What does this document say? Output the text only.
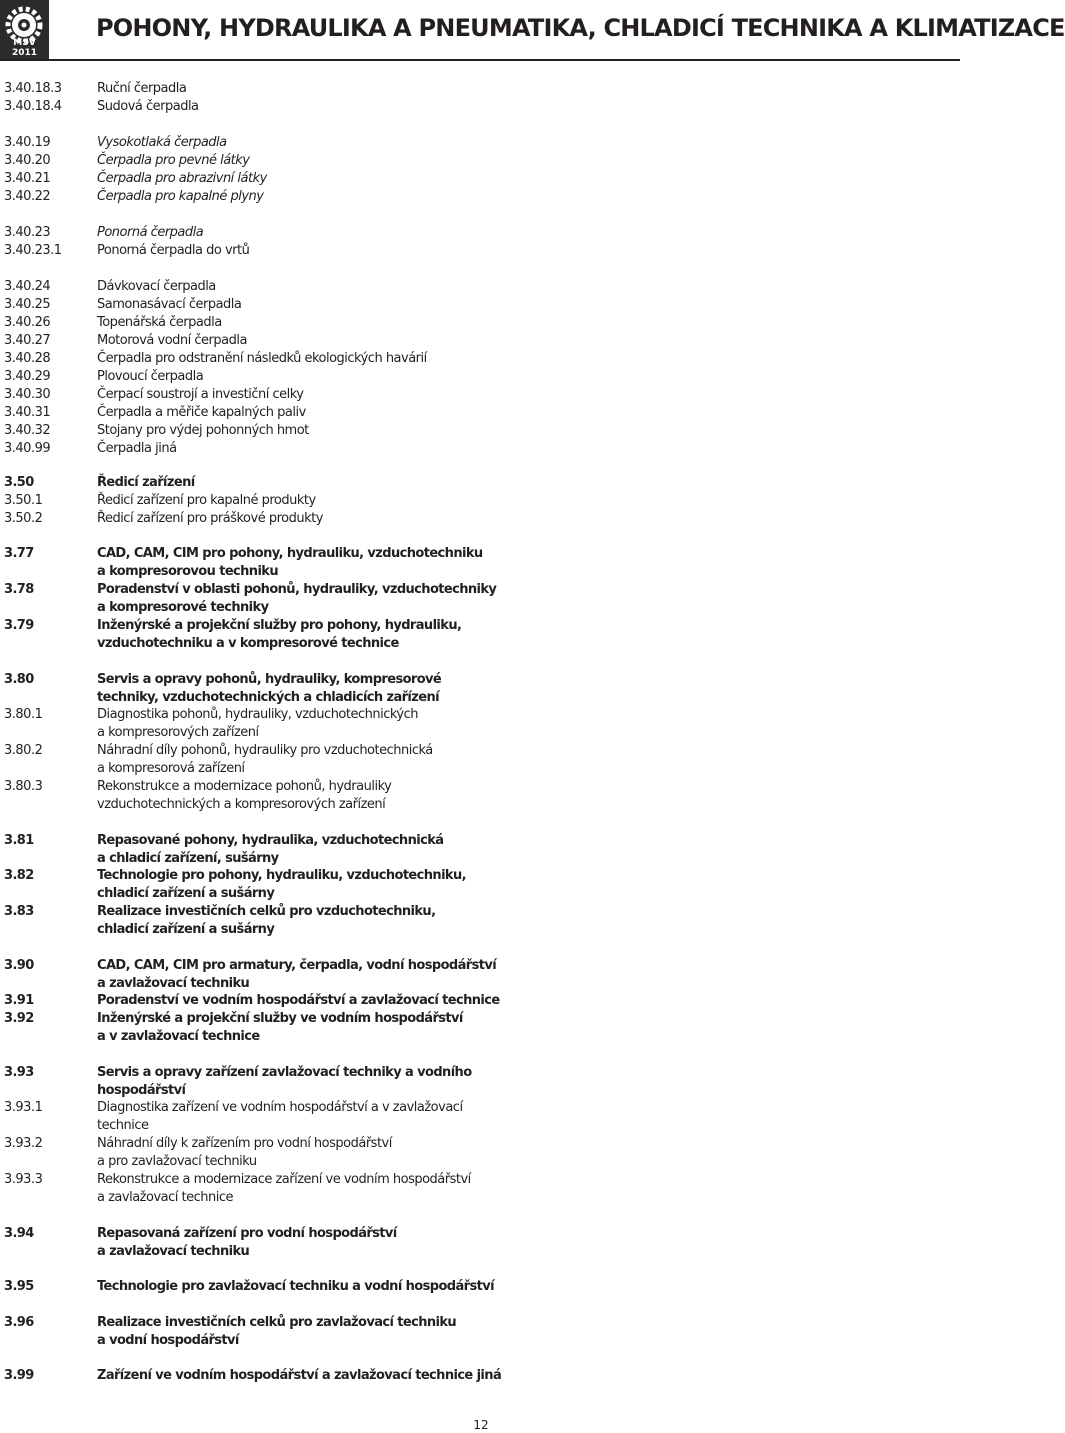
MSV 2011
POHONY, HYDRAULIKA A PNEUMATIKA, CHLADICÍ TECHNIKA A KLIMATIZACE
3.40.18.3	Ruční čerpadla
3.40.18.4	Sudová čerpadla
3.40.19	Vysokotlaká čerpadla
3.40.20	Čerpadla pro pevné látky
3.40.21	Čerpadla pro abrazivní látky
3.40.22	Čerpadla pro kapalné plyny
3.40.23	Ponorná čerpadla
3.40.23.1	Ponorná čerpadla do vrtů
3.40.24	Dávkovací čerpadla
3.40.25	Samonasávací čerpadla
3.40.26	Topenářská čerpadla
3.40.27	Motorová vodní čerpadla
3.40.28	Čerpadla pro odstranění následků ekologických havárií
3.40.29	Plovoucí čerpadla
3.40.30	Čerpací soustrojí a investiční celky
3.40.31	Čerpadla a měřiče kapalných paliv
3.40.32	Stojany pro výdej pohonných hmot
3.40.99	Čerpadla jiná
3.50	Ředicí zařízení
3.50.1	Ředicí zařízení pro kapalné produkty
3.50.2	Ředicí zařízení pro práškové produkty
3.77	CAD, CAM, CIM pro pohony, hydrauliku, vzduchotechniku
a kompresorovou techniku
3.78	Poradenství v oblasti pohonů, hydrauliky, vzduchotechniky
a kompresorové techniky
3.79	Inženýrské a projekční služby pro pohony, hydrauliku,
vzduchotechniku a v kompresorové technice
3.80	Servis a opravy pohonů, hydrauliky, kompresorové
techniky, vzduchotechnických a chladicích zařízení
3.80.1	Diagnostika pohonů, hydrauliky, vzduchotechnických
a kompresorových zařízení
3.80.2	Náhradní díly pohonů, hydrauliky pro vzduchotechnická
a kompresorová zařízení
3.80.3	Rekonstrukce a modernizace pohonů, hydrauliky
vzduchotechnických a kompresorových zařízení
3.81	Repasované pohony, hydraulika, vzduchotechnická
a chladicí zařízení, sušárny
3.82	Technologie pro pohony, hydrauliku, vzduchotechniku,
chladicí zařízení a sušárny
3.83	Realizace investičních celků pro vzduchotechniku,
chladicí zařízení a sušárny
3.90	CAD, CAM, CIM pro armatury, čerpadla, vodní hospodářství
a zavlažovací techniku
3.91	Poradenství ve vodním hospodářství a zavlažovací technice
3.92	Inženýrské a projekční služby ve vodním hospodářství
a v zavlažovací technice
3.93	Servis a opravy zařízení zavlažovací techniky a vodního
hospodářství
3.93.1	Diagnostika zařízení ve vodním hospodářství a v zavlažovací
technice
3.93.2	Náhradní díly k zařízením pro vodní hospodářství
a pro zavlažovací techniku
3.93.3	Rekonstrukce a modernizace zařízení ve vodním hospodářství
a zavlažovací technice
3.94	Repasovaná zařízení pro vodní hospodářství
a zavlažovací techniku
3.95	Technologie pro zavlažovací techniku a vodní hospodářství
3.96	Realizace investičních celků pro zavlažovací techniku
a vodní hospodářství
3.99	Zařízení ve vodním hospodářství a zavlažovací technice jiná
12
